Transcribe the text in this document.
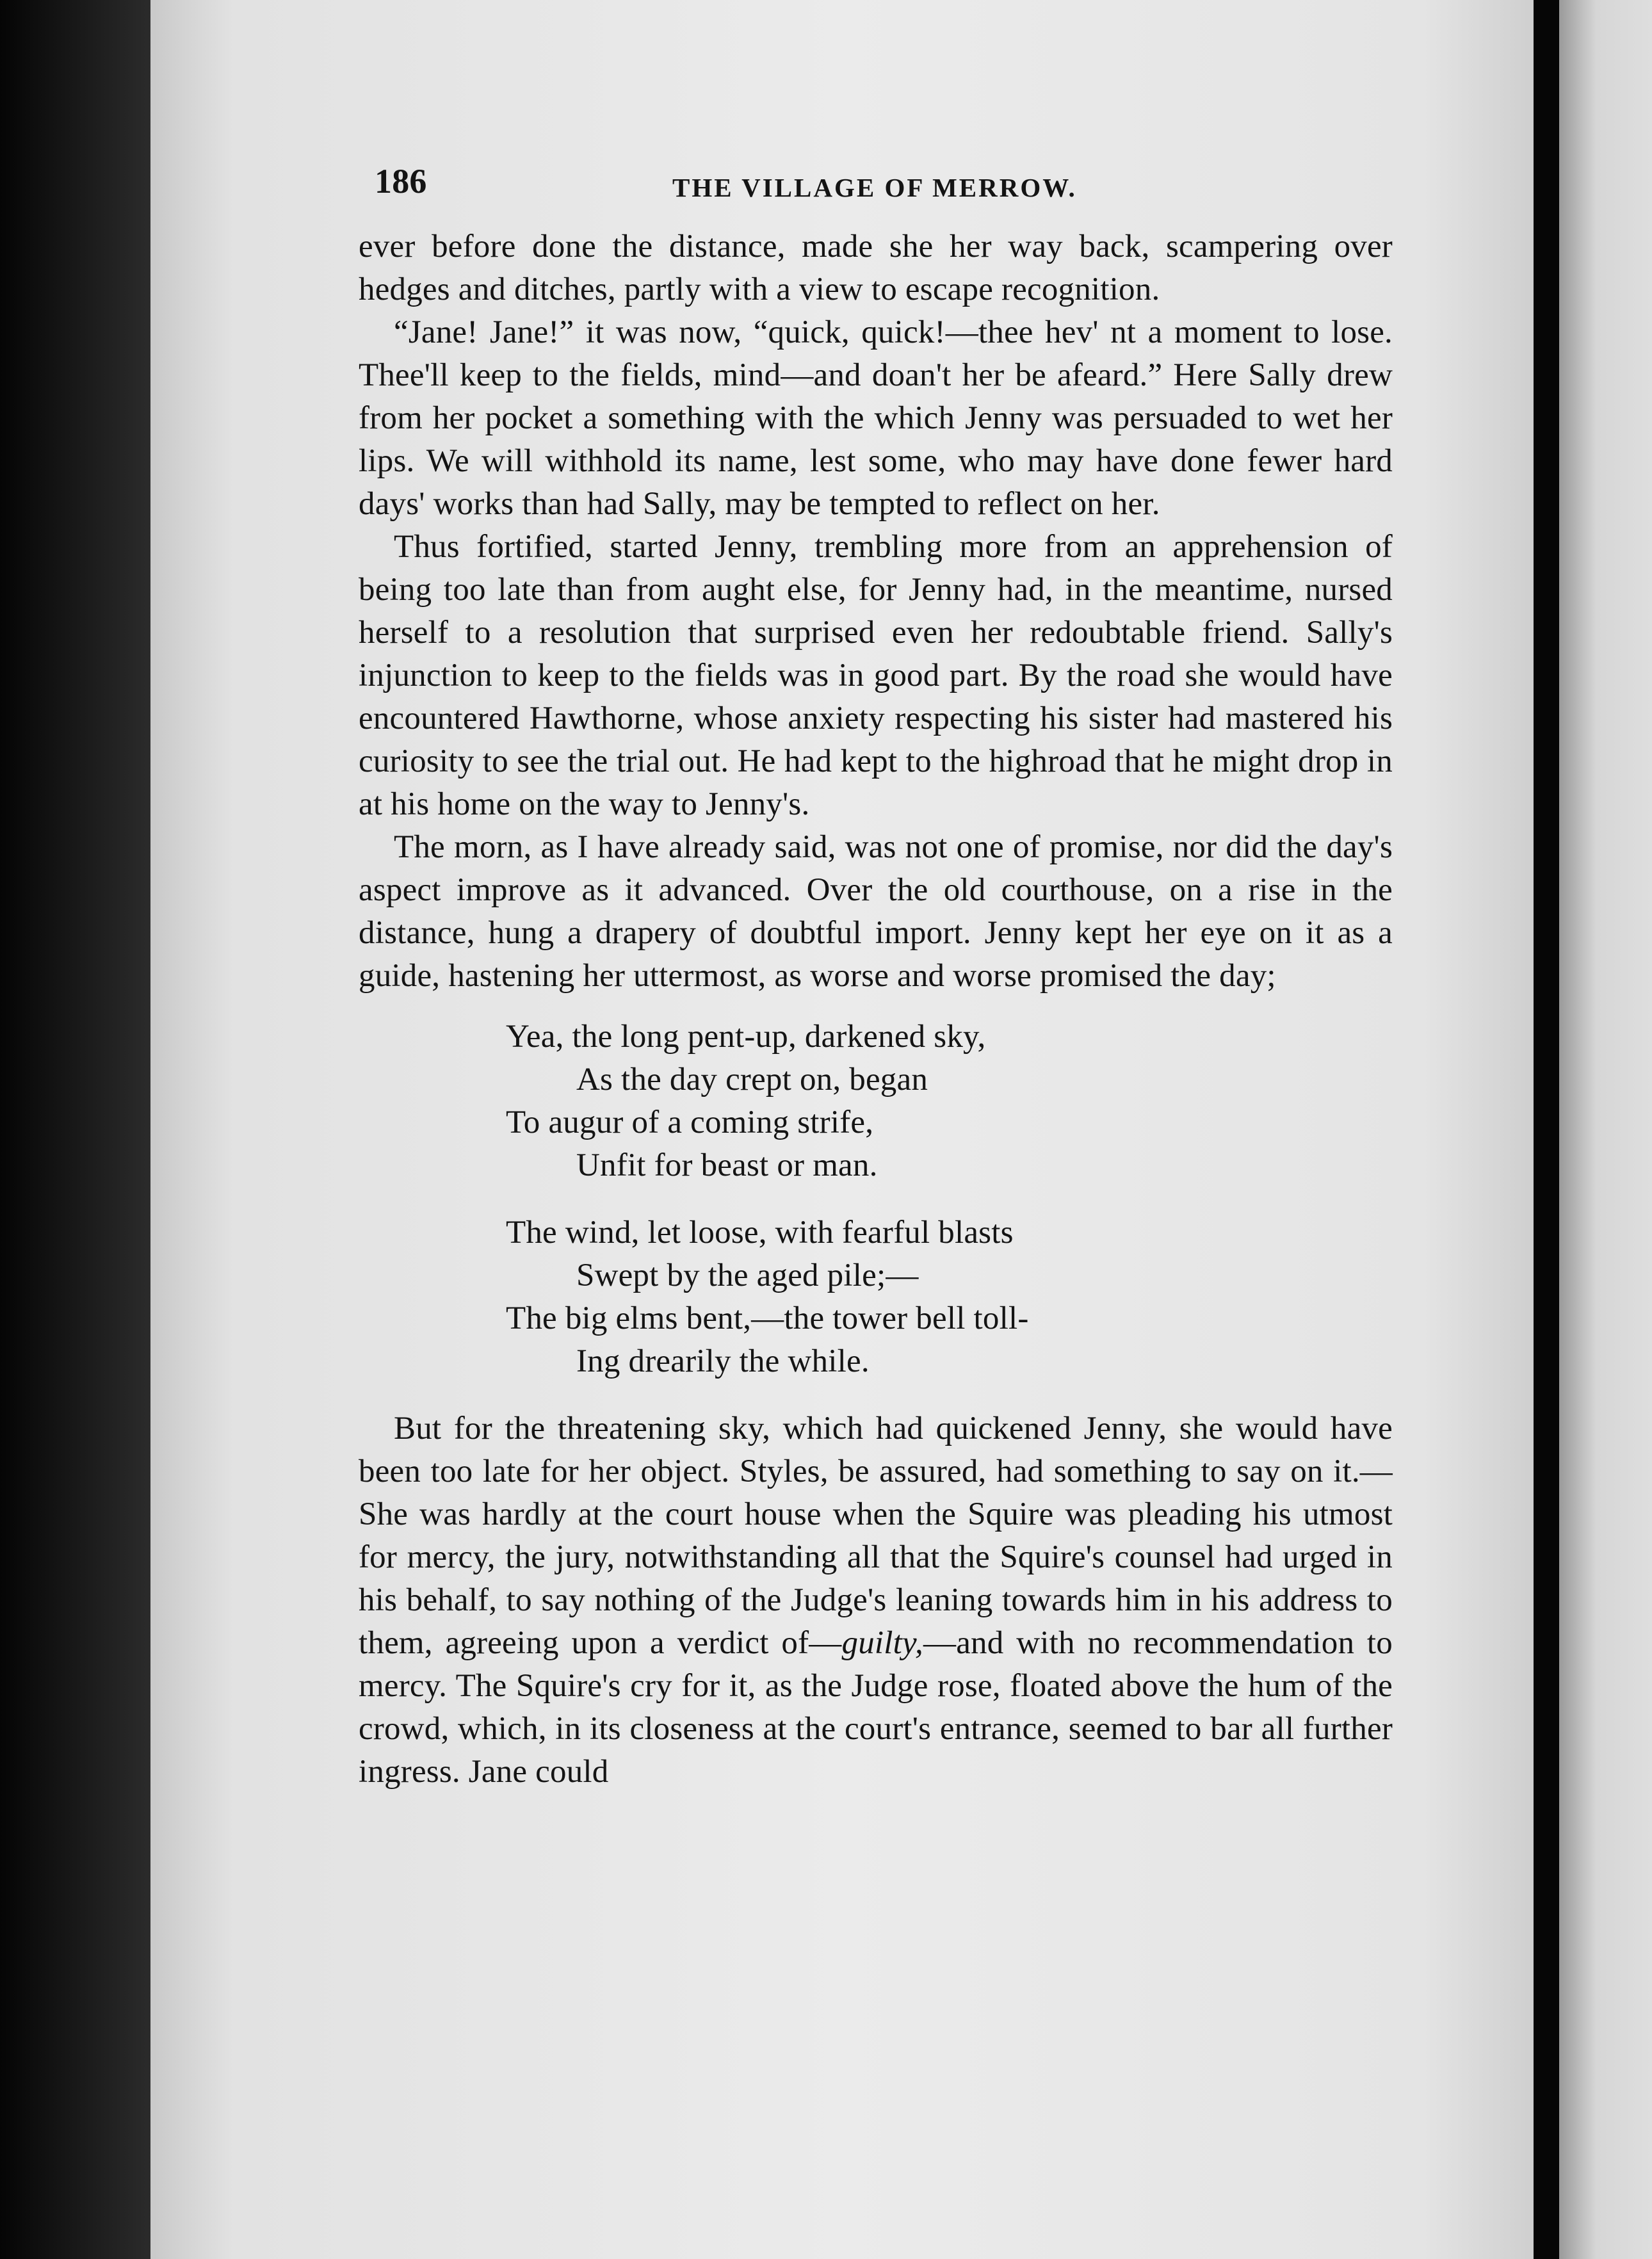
186	THE VILLAGE OF MERROW.

ever before done the distance, made she her way back, scampering over hedges and ditches, partly with a view to escape recognition.

“Jane! Jane!” it was now, “quick, quick!—thee hev' nt a moment to lose. Thee'll keep to the fields, mind—and doan't her be afeard.” Here Sally drew from her pocket a something with the which Jenny was persuaded to wet her lips. We will withhold its name, lest some, who may have done fewer hard days' works than had Sally, may be tempted to reflect on her.

Thus fortified, started Jenny, trembling more from an apprehension of being too late than from aught else, for Jenny had, in the meantime, nursed herself to a resolution that surprised even her redoubtable friend. Sally's injunction to keep to the fields was in good part. By the road she would have encountered Hawthorne, whose anxiety respecting his sister had mastered his curiosity to see the trial out. He had kept to the highroad that he might drop in at his home on the way to Jenny's.

The morn, as I have already said, was not one of promise, nor did the day's aspect improve as it advanced. Over the old courthouse, on a rise in the distance, hung a drapery of doubtful import. Jenny kept her eye on it as a guide, hastening her uttermost, as worse and worse promised the day;

Yea, the long pent-up, darkened sky,
As the day crept on, began
To augur of a coming strife,
Unfit for beast or man.
The wind, let loose, with fearful blasts
Swept by the aged pile;—
The big elms bent,—the tower bell toll-
Ing drearily the while.

But for the threatening sky, which had quickened Jenny, she would have been too late for her object. Styles, be assured, had something to say on it.—She was hardly at the court house when the Squire was pleading his utmost for mercy, the jury, notwithstanding all that the Squire's counsel had urged in his behalf, to say nothing of the Judge's leaning towards him in his address to them, agreeing upon a verdict of—guilty,—and with no recommendation to mercy. The Squire's cry for it, as the Judge rose, floated above the hum of the crowd, which, in its closeness at the court's entrance, seemed to bar all further ingress. Jane could
